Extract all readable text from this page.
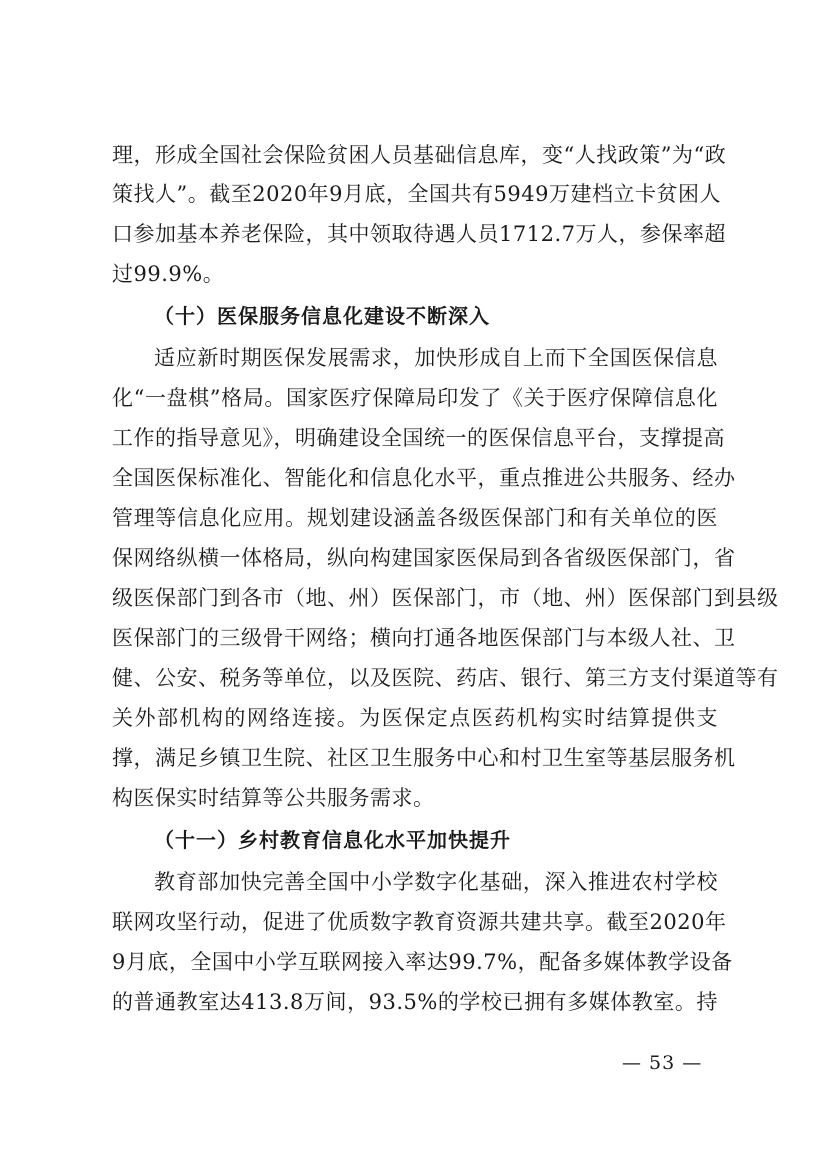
理，形成全国社会保险贫困人员基础信息库，变“人找政策”为“政
策找人”。截至2020年9月底，全国共有5949万建档立卡贫困人
口参加基本养老保险，其中领取待遇人员1712.7万人，参保率超
过99.9%。
（十）医保服务信息化建设不断深入
适应新时期医保发展需求，加快形成自上而下全国医保信息
化“一盘棋”格局。国家医疗保障局印发了《关于医疗保障信息化
工作的指导意见》，明确建设全国统一的医保信息平台，支撑提高
全国医保标准化、智能化和信息化水平，重点推进公共服务、经办
管理等信息化应用。规划建设涵盖各级医保部门和有关单位的医
保网络纵横一体格局，纵向构建国家医保局到各省级医保部门，省
级医保部门到各市（地、州）医保部门，市（地、州）医保部门到县级
医保部门的三级骨干网络；横向打通各地医保部门与本级人社、卫
健、公安、税务等单位，以及医院、药店、银行、第三方支付渠道等有
关外部机构的网络连接。为医保定点医药机构实时结算提供支
撑，满足乡镇卫生院、社区卫生服务中心和村卫生室等基层服务机
构医保实时结算等公共服务需求。
（十一）乡村教育信息化水平加快提升
教育部加快完善全国中小学数字化基础，深入推进农村学校
联网攻坚行动，促进了优质数字教育资源共建共享。截至2020年
9月底，全国中小学互联网接入率达99.7%，配备多媒体教学设备
的普通教室达413.8万间，93.5%的学校已拥有多媒体教室。持
— 53 —
